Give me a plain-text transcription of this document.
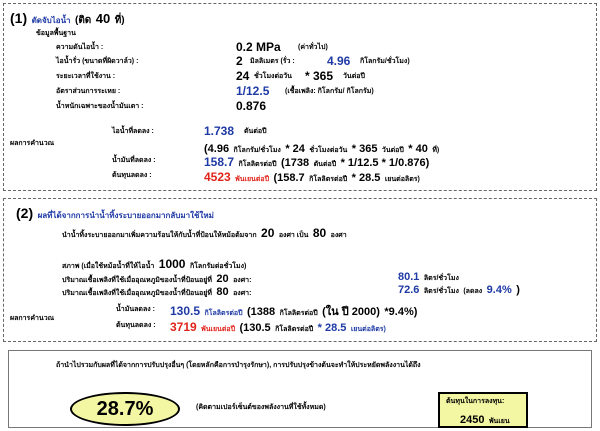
(1) ตัดจับไอน้ำ (ติด 40 ที่)
ข้อมูลพื้นฐาน
ความดันไอน้ำ :	0.2 MPa (ค่าทั่วไป)
ไอน้ำรั่ว (ขนาดที่ผิดวาล์ว) :	2 มิลลิเมตร (รั่ว :	4.96 กิโลกรัม/ชั่วโมง)
ระยะเวลาที่ใช้งาน :	24 ชั่วโมงต่อวัน * 365 วันต่อปี
อัตราส่วนการระเหย :	1/12.5 (เชื้อเพลิง: กิโลกรัม/ กิโลกรัม)
น้ำหนักเฉพาะของน้ำมันเตา :	0.876
ผลการคำนวณ
ไอน้ำที่ลดลง :	1.738 ตันต่อปี
(4.96 กิโลกรัม/ชั่วโมง * 24 ชั่วโมงต่อวัน * 365 วันต่อปี * 40 ที่)
น้ำมันที่ลดลง :	158.7 กิโลลิตรต่อปี (1738 ตันต่อปี * 1/12.5 * 1/0.876)
ต้นทุนลดลง :	4523 พันเยนต่อปี (158.7 กิโลลิตรต่อปี * 28.5 เยนต่อลิตร)
(2) ผลที่ได้จากการนำน้ำทิ้งระบายออกมากลับมาใช้ใหม่
นำน้ำทิ้งระบายออกมาเพิ่มความร้อนให้กับน้ำที่ป้อนให้หม้อต้มจาก 20 องศา เป็น 80 องศา
สภาพ (เมื่อใช้หม้อน้ำที่ให้ไอน้ำ 1000 กิโลกรัมต่อชั่วโมง)
ปริมาณเชื้อเพลิงที่ใช้เมื่ออุณหภูมิของน้ำที่ป้อนอยู่ที่ 20 องศา:	80.1 ลิตร/ชั่วโมง
ปริมาณเชื้อเพลิงที่ใช้เมื่ออุณหภูมิของน้ำที่ป้อนอยู่ที่ 80 องศา:	72.6 ลิตร/ชั่วโมง (ลดลง 9.4% )
ผลการคำนวณ
น้ำมันลดลง : 130.5 กิโลลิตรต่อปี (1388 กิโลลิตรต่อปี (ใน ปี 2000) *9.4%)
ต้นทุนลดลง : 3719 พันเยนต่อปี (130.5 กิโลลิตรต่อปี * 28.5 เยนต่อลิตร)
ถ้านำไปรวมกับผลที่ได้จากการปรับปรุงอื่นๆ (โดยหลักคือการบำรุงรักษา), การปรับปรุงข้างต้นจะทำให้ประหยัดพลังงานได้ถึง
28.7%	(คิดตามเปอร์เซ็นต์ของพลังงานที่ใช้ทั้งหมด)
ต้นทุนในการลงทุน:
2450 พันเยน
